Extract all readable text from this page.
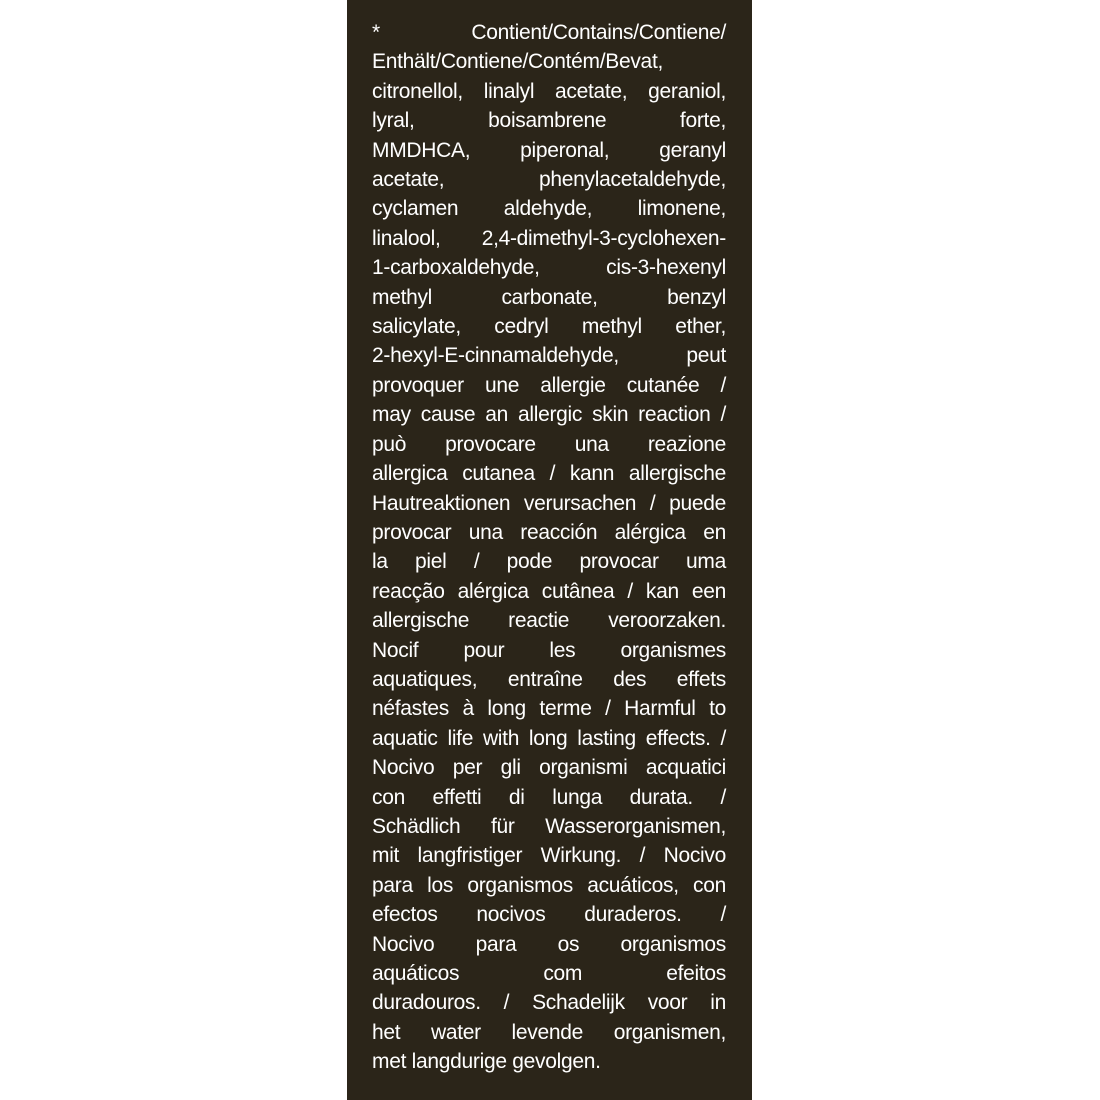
* Contient/Contains/Contiene/
Enthält/Contiene/Contém/Bevat,
citronellol, linalyl acetate, geraniol,
lyral, boisambrene forte,
MMDHCA, piperonal, geranyl
acetate, phenylacetaldehyde,
cyclamen aldehyde, limonene,
linalool, 2,4-dimethyl-3-cyclohexen-
1-carboxaldehyde, cis-3-hexenyl
methyl carbonate, benzyl
salicylate, cedryl methyl ether,
2-hexyl-E-cinnamaldehyde, peut
provoquer une allergie cutanée /
may cause an allergic skin reaction /
può provocare una reazione
allergica cutanea / kann allergische
Hautreaktionen verursachen / puede
provocar una reacción alérgica en
la piel / pode provocar uma
reacção alérgica cutânea / kan een
allergische reactie veroorzaken.
Nocif pour les organismes
aquatiques, entraîne des effets
néfastes à long terme / Harmful to
aquatic life with long lasting effects. /
Nocivo per gli organismi acquatici
con effetti di lunga durata. /
Schädlich für Wasserorganismen,
mit langfristiger Wirkung. / Nocivo
para los organismos acuáticos, con
efectos nocivos duraderos. /
Nocivo para os organismos
aquáticos com efeitos
duradouros. / Schadelijk voor in
het water levende organismen,
met langdurige gevolgen.
